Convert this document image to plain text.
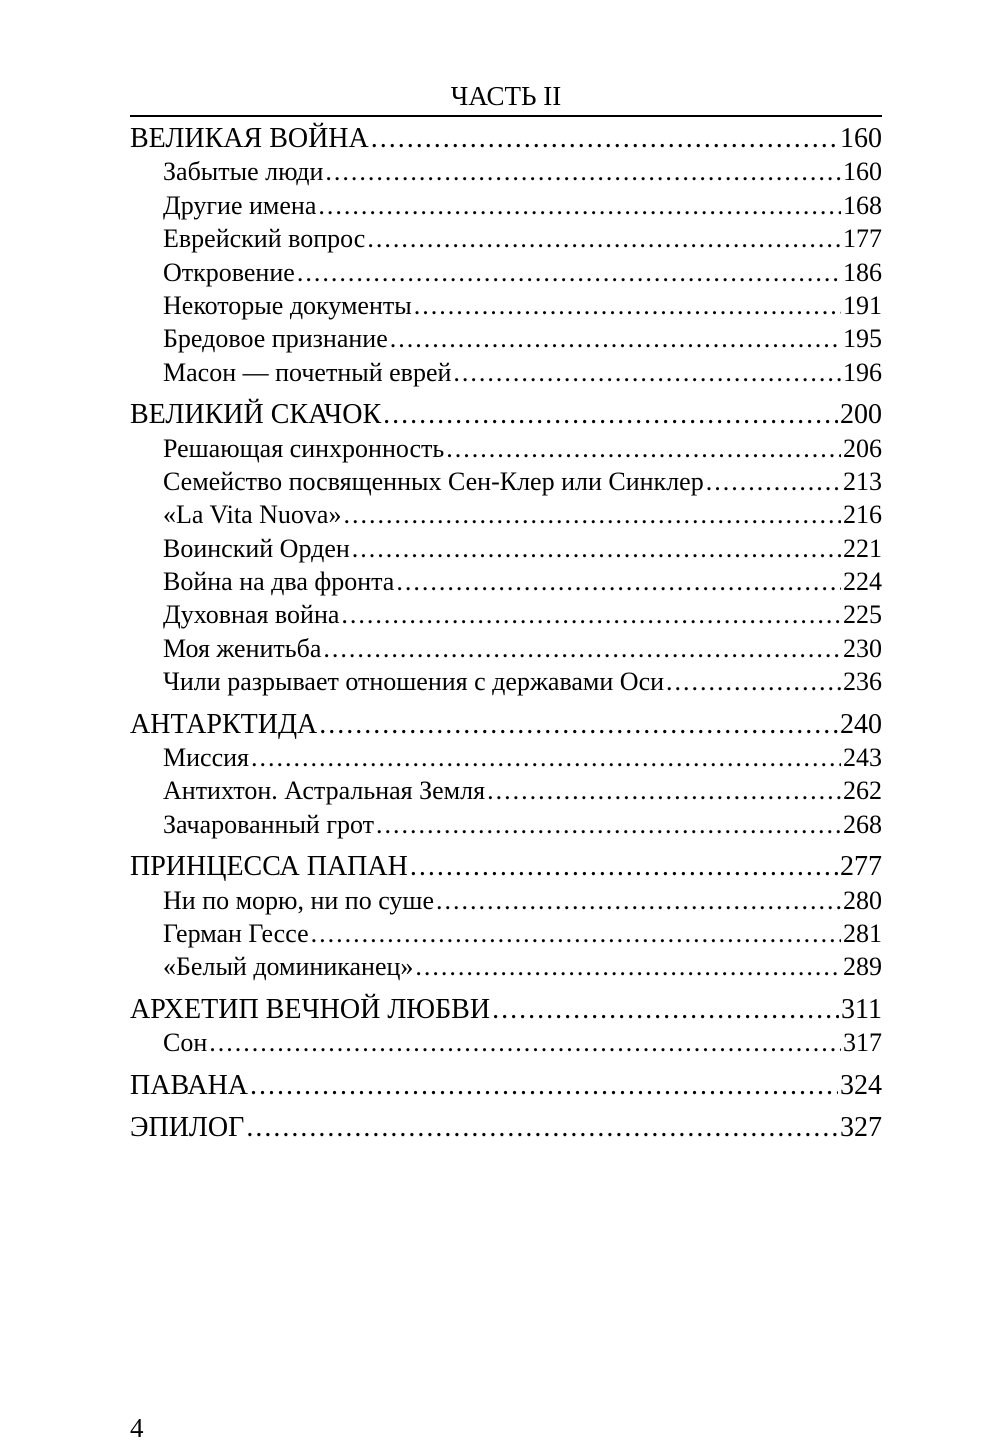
ЧАСТЬ II
ВЕЛИКАЯ ВОЙНА .....	160
Забытые люди .....	160
Другие имена .....	168
Еврейский вопрос .....	177
Откровение .....	186
Некоторые документы .....	191
Бредовое признание .....	195
Масон — почетный еврей .....	196
ВЕЛИКИЙ СКАЧОК .....	200
Решающая синхронность .....	206
Семейство посвященных Сен-Клер или Синклер .....	213
«La Vita Nuova» .....	216
Воинский Орден .....	221
Война на два фронта .....	224
Духовная война .....	225
Моя женитьба .....	230
Чили разрывает отношения с державами Оси .....	236
АНТАРКТИДА .....	240
Миссия .....	243
Антихтон. Астральная Земля .....	262
Зачарованный грот .....	268
ПРИНЦЕССА ПАПАН .....	277
Ни по морю, ни по суше .....	280
Герман Гессе .....	281
«Белый доминиканец» .....	289
АРХЕТИП ВЕЧНОЙ ЛЮБВИ .....	311
Сон .....	317
ПАВАНА .....	324
ЭПИЛОГ .....	327
4
